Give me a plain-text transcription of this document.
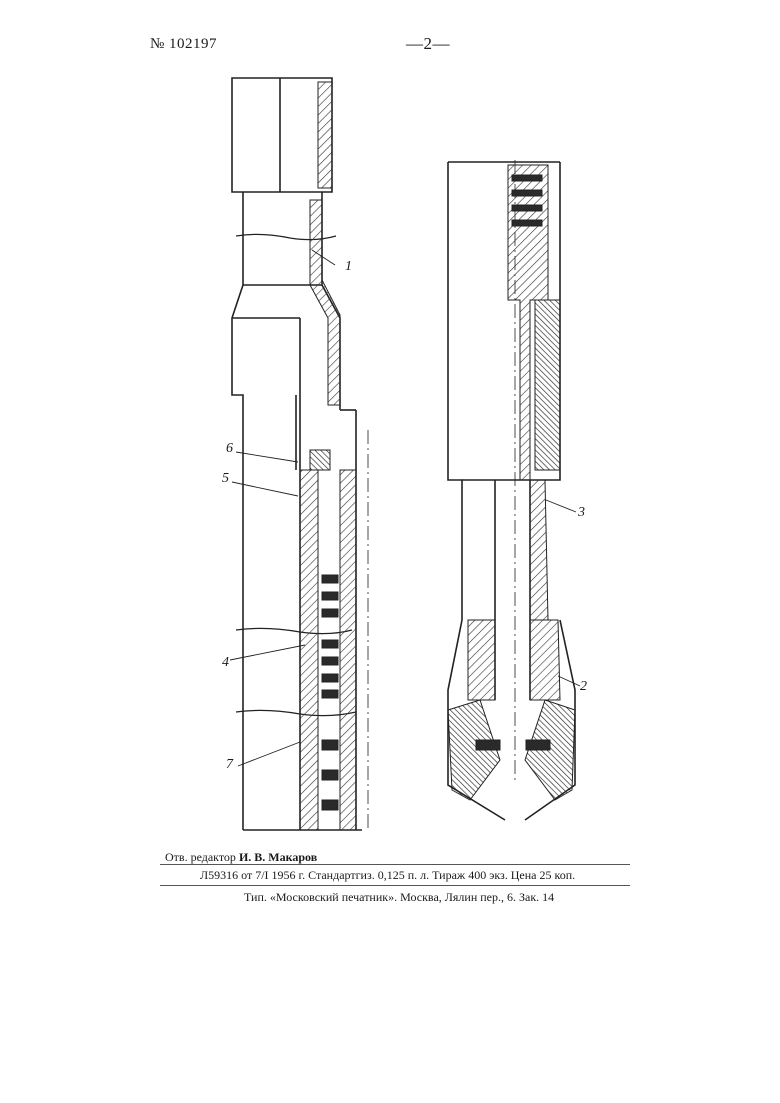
№ 102197	—2—
1
2
3
4
5
6
7
Отв. редактор И. В. Макаров
Л59316 от 7/I 1956 г. Стандартгиз. 0,125 п. л. Тираж 400 экз. Цена 25 коп.
Тип. «Московский печатник». Москва, Лялин пер., 6. Зак. 14
